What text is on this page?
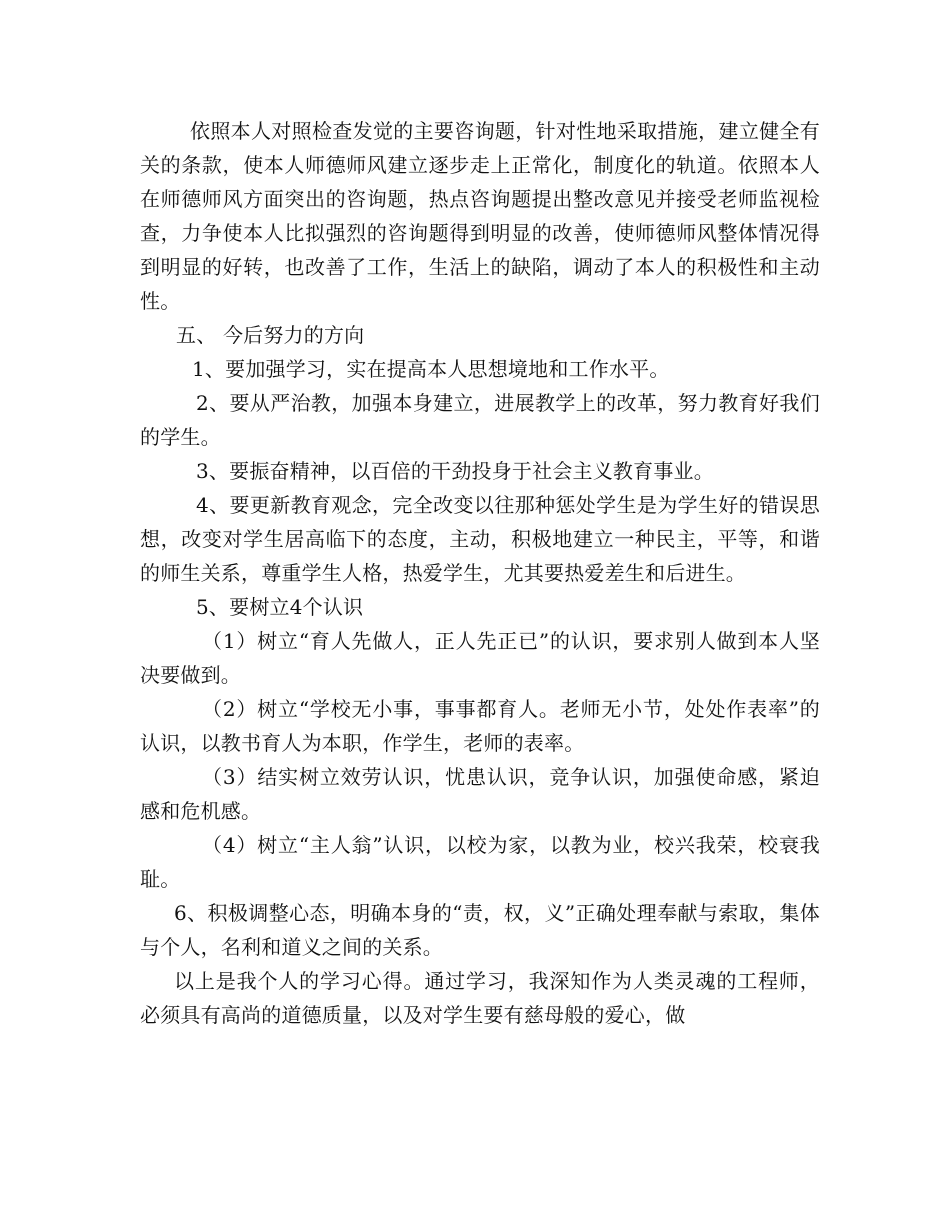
依照本人对照检查发觉的主要咨询题，针对性地采取措施，建立健全有关的条款，使本人师德师风建立逐步走上正常化，制度化的轨道。依照本人在师德师风方面突出的咨询题，热点咨询题提出整改意见并接受老师监视检查，力争使本人比拟强烈的咨询题得到明显的改善，使师德师风整体情况得到明显的好转，也改善了工作，生活上的缺陷，调动了本人的积极性和主动性。

五、 今后努力的方向

1、要加强学习，实在提高本人思想境地和工作水平。

2、要从严治教，加强本身建立，进展教学上的改革，努力教育好我们的学生。

3、要振奋精神，以百倍的干劲投身于社会主义教育事业。

4、要更新教育观念，完全改变以往那种惩处学生是为学生好的错误思想，改变对学生居高临下的态度，主动，积极地建立一种民主，平等，和谐的师生关系，尊重学生人格，热爱学生，尤其要热爱差生和后进生。

5、要树立4个认识

（1）树立“育人先做人，正人先正已”的认识，要求别人做到本人坚决要做到。

（2）树立“学校无小事，事事都育人。老师无小节，处处作表率”的认识，以教书育人为本职，作学生，老师的表率。

（3）结实树立效劳认识，忧患认识，竞争认识，加强使命感，紧迫感和危机感。

（4）树立“主人翁”认识，以校为家，以教为业，校兴我荣，校衰我耻。

6、积极调整心态，明确本身的“责，权，义”正确处理奉献与索取，集体与个人，名利和道义之间的关系。

以上是我个人的学习心得。通过学习，我深知作为人类灵魂的工程师，必须具有高尚的道德质量，以及对学生要有慈母般的爱心，做
